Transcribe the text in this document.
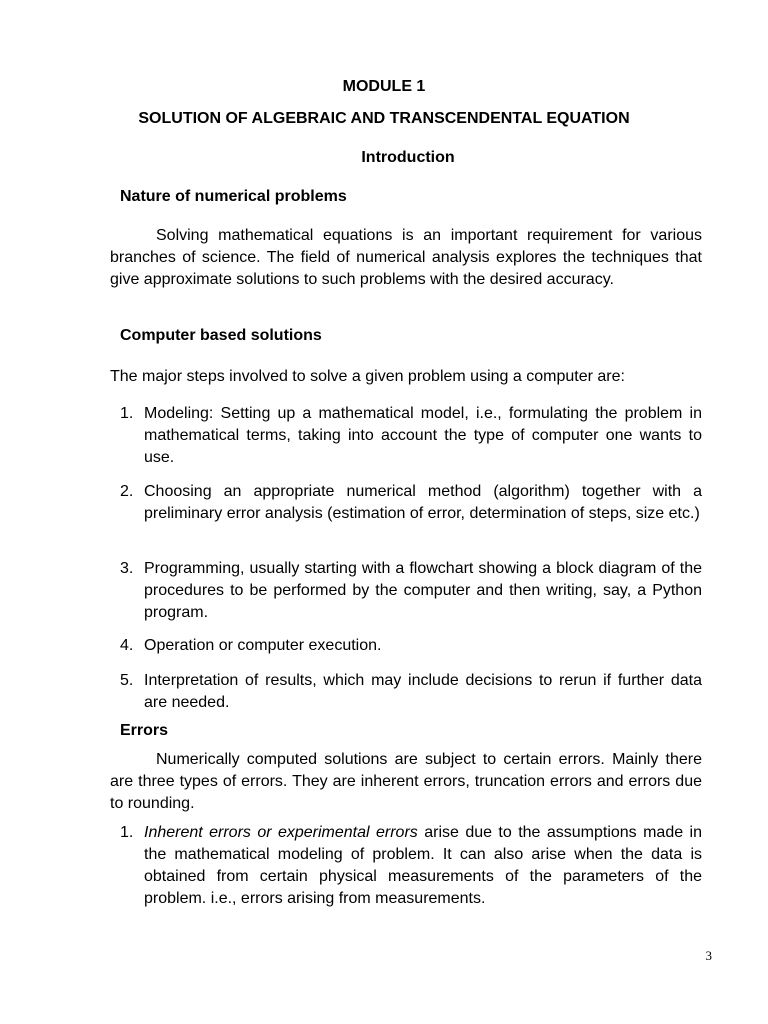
MODULE 1

SOLUTION OF ALGEBRAIC AND TRANSCENDENTAL EQUATION

Introduction

Nature of numerical problems

Solving mathematical equations is an important requirement for various branches of science. The field of numerical analysis explores the techniques that give approximate solutions to such problems with the desired accuracy.

Computer based solutions

The major steps involved to solve a given problem using a computer are:

1. Modeling: Setting up a mathematical model, i.e., formulating the problem in mathematical terms, taking into account the type of computer one wants to use.
2. Choosing an appropriate numerical method (algorithm) together with a preliminary error analysis (estimation of error, determination of steps, size etc.)
3. Programming, usually starting with a flowchart showing a block diagram of the procedures to be performed by the computer and then writing, say, a Python program.
4. Operation or computer execution.
5. Interpretation of results, which may include decisions to rerun if further data are needed.

Errors

Numerically computed solutions are subject to certain errors. Mainly there are three types of errors. They are inherent errors, truncation errors and errors due to rounding.

1. Inherent errors or experimental errors arise due to the assumptions made in the mathematical modeling of problem. It can also arise when the data is obtained from certain physical measurements of the parameters of the problem. i.e., errors arising from measurements.

3
